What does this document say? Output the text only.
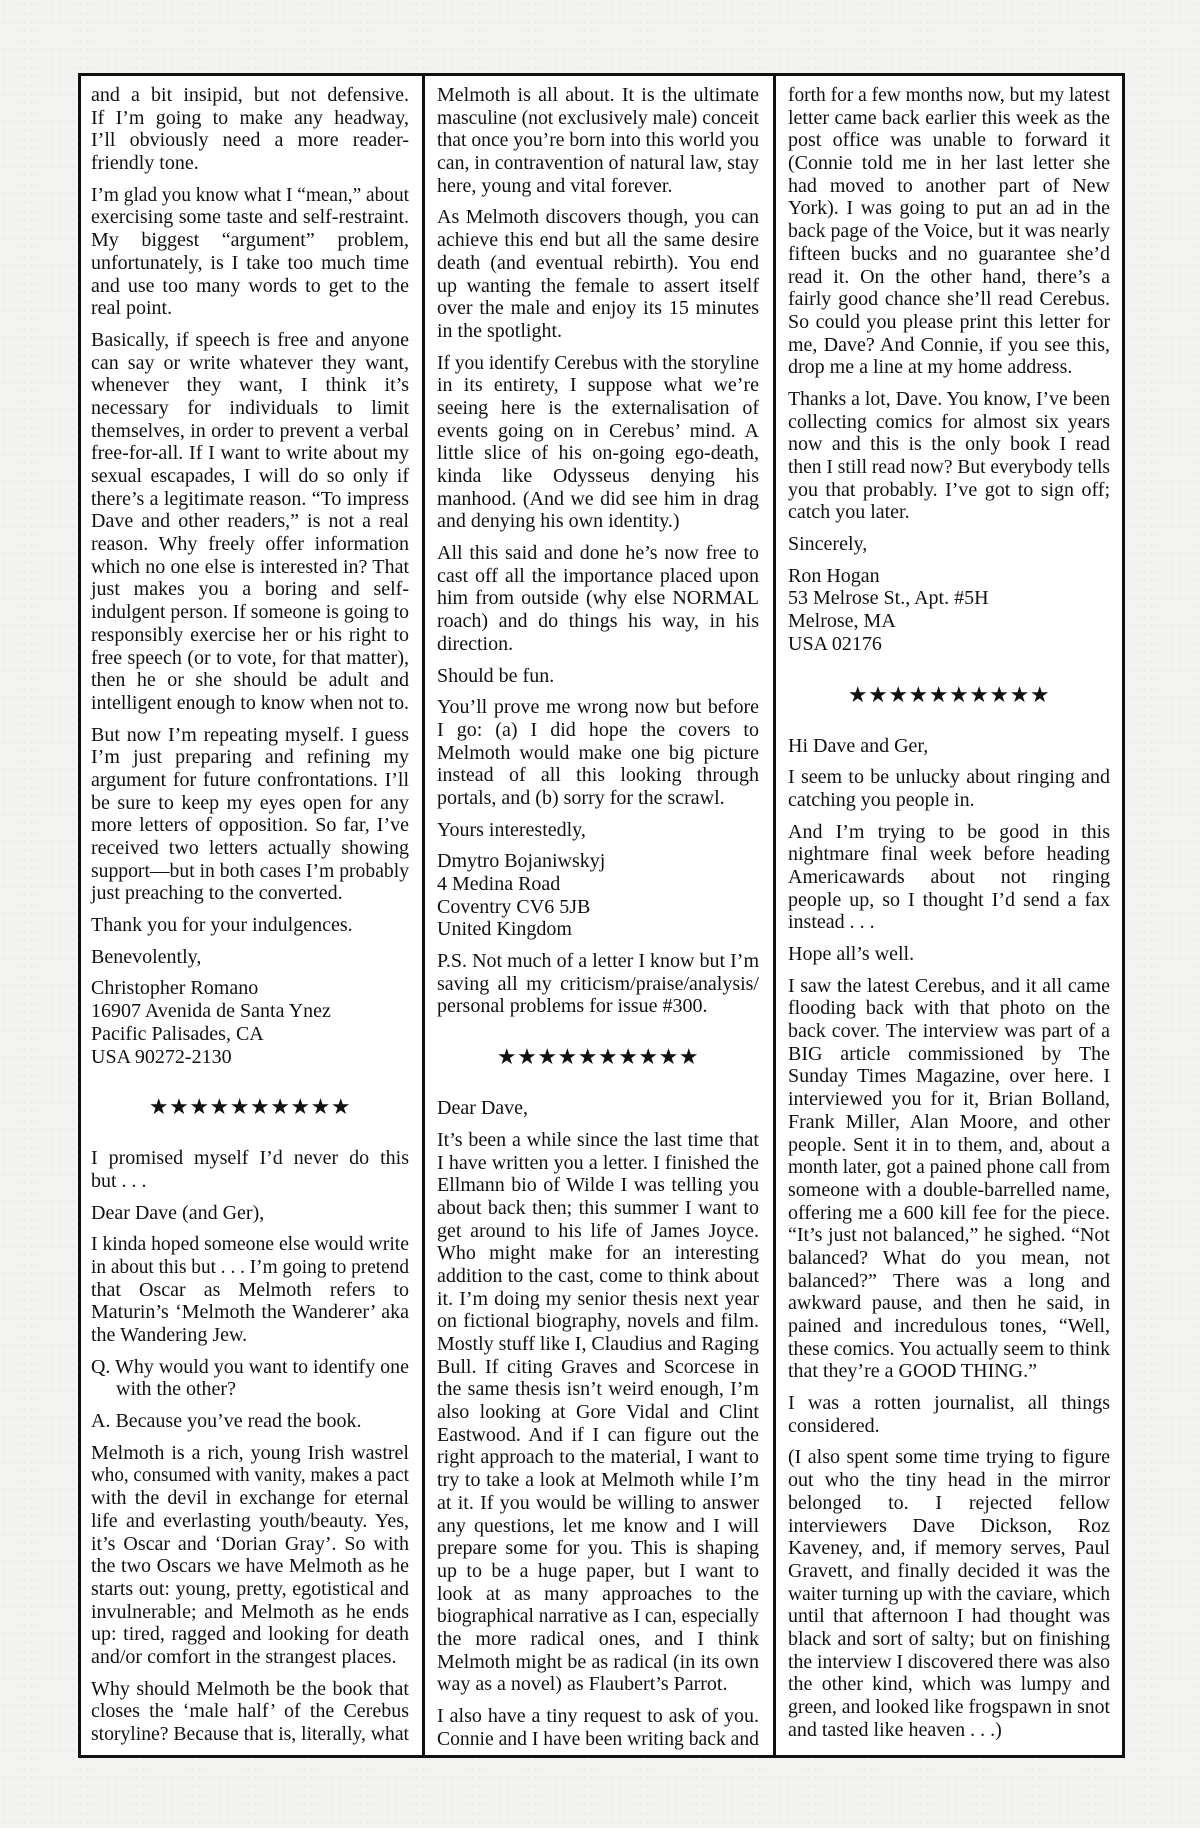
and a bit insipid, but not defensive.
If I’m going to make any headway,
I’ll obviously need a more reader-
friendly tone.
I’m glad you know what I “mean,” about
exercising some taste and self-restraint.
My biggest “argument” problem,
unfortunately, is I take too much time
and use too many words to get to the
real point.
Basically, if speech is free and anyone
can say or write whatever they want,
whenever they want, I think it’s
necessary for individuals to limit
themselves, in order to prevent a verbal
free-for-all. If I want to write about my
sexual escapades, I will do so only if
there’s a legitimate reason. “To impress
Dave and other readers,” is not a real
reason. Why freely offer information
which no one else is interested in? That
just makes you a boring and self-
indulgent person. If someone is going to
responsibly exercise her or his right to
free speech (or to vote, for that matter),
then he or she should be adult and
intelligent enough to know when not to.
But now I’m repeating myself. I guess
I’m just preparing and refining my
argument for future confrontations. I’ll
be sure to keep my eyes open for any
more letters of opposition. So far, I’ve
received two letters actually showing
support—but in both cases I’m probably
just preaching to the converted.
Thank you for your indulgences.
Benevolently,
Christopher Romano
16907 Avenida de Santa Ynez
Pacific Palisades, CA
USA 90272-2130
★★★★★★★★★★
I promised myself I’d never do this
but . . .
Dear Dave (and Ger),
I kinda hoped someone else would write
in about this but . . . I’m going to pretend
that Oscar as Melmoth refers to
Maturin’s ‘Melmoth the Wanderer’ aka
the Wandering Jew.
Q. Why would you want to identify one
with the other?
A. Because you’ve read the book.
Melmoth is a rich, young Irish wastrel
who, consumed with vanity, makes a pact
with the devil in exchange for eternal
life and everlasting youth/beauty. Yes,
it’s Oscar and ‘Dorian Gray’. So with
the two Oscars we have Melmoth as he
starts out: young, pretty, egotistical and
invulnerable; and Melmoth as he ends
up: tired, ragged and looking for death
and/or comfort in the strangest places.
Why should Melmoth be the book that
closes the ‘male half’ of the Cerebus
storyline? Because that is, literally, what
Melmoth is all about. It is the ultimate
masculine (not exclusively male) conceit
that once you’re born into this world you
can, in contravention of natural law, stay
here, young and vital forever.
As Melmoth discovers though, you can
achieve this end but all the same desire
death (and eventual rebirth). You end
up wanting the female to assert itself
over the male and enjoy its 15 minutes
in the spotlight.
If you identify Cerebus with the storyline
in its entirety, I suppose what we’re
seeing here is the externalisation of
events going on in Cerebus’ mind. A
little slice of his on-going ego-death,
kinda like Odysseus denying his
manhood. (And we did see him in drag
and denying his own identity.)
All this said and done he’s now free to
cast off all the importance placed upon
him from outside (why else NORMAL
roach) and do things his way, in his
direction.
Should be fun.
You’ll prove me wrong now but before
I go: (a) I did hope the covers to
Melmoth would make one big picture
instead of all this looking through
portals, and (b) sorry for the scrawl.
Yours interestedly,
Dmytro Bojaniwskyj
4 Medina Road
Coventry CV6 5JB
United Kingdom
P.S. Not much of a letter I know but I’m
saving all my criticism/praise/analysis/
personal problems for issue #300.
★★★★★★★★★★
Dear Dave,
It’s been a while since the last time that
I have written you a letter. I finished the
Ellmann bio of Wilde I was telling you
about back then; this summer I want to
get around to his life of James Joyce.
Who might make for an interesting
addition to the cast, come to think about
it. I’m doing my senior thesis next year
on fictional biography, novels and film.
Mostly stuff like I, Claudius and Raging
Bull. If citing Graves and Scorcese in
the same thesis isn’t weird enough, I’m
also looking at Gore Vidal and Clint
Eastwood. And if I can figure out the
right approach to the material, I want to
try to take a look at Melmoth while I’m
at it. If you would be willing to answer
any questions, let me know and I will
prepare some for you. This is shaping
up to be a huge paper, but I want to
look at as many approaches to the
biographical narrative as I can, especially
the more radical ones, and I think
Melmoth might be as radical (in its own
way as a novel) as Flaubert’s Parrot.
I also have a tiny request to ask of you.
Connie and I have been writing back and
forth for a few months now, but my latest
letter came back earlier this week as the
post office was unable to forward it
(Connie told me in her last letter she
had moved to another part of New
York). I was going to put an ad in the
back page of the Voice, but it was nearly
fifteen bucks and no guarantee she’d
read it. On the other hand, there’s a
fairly good chance she’ll read Cerebus.
So could you please print this letter for
me, Dave? And Connie, if you see this,
drop me a line at my home address.
Thanks a lot, Dave. You know, I’ve been
collecting comics for almost six years
now and this is the only book I read
then I still read now? But everybody tells
you that probably. I’ve got to sign off;
catch you later.
Sincerely,
Ron Hogan
53 Melrose St., Apt. #5H
Melrose, MA
USA 02176
★★★★★★★★★★
Hi Dave and Ger,
I seem to be unlucky about ringing and
catching you people in.
And I’m trying to be good in this
nightmare final week before heading
Americawards about not ringing
people up, so I thought I’d send a fax
instead . . .
Hope all’s well.
I saw the latest Cerebus, and it all came
flooding back with that photo on the
back cover. The interview was part of a
BIG article commissioned by The
Sunday Times Magazine, over here. I
interviewed you for it, Brian Bolland,
Frank Miller, Alan Moore, and other
people. Sent it in to them, and, about a
month later, got a pained phone call from
someone with a double-barrelled name,
offering me a 600 kill fee for the piece.
“It’s just not balanced,” he sighed. “Not
balanced? What do you mean, not
balanced?” There was a long and
awkward pause, and then he said, in
pained and incredulous tones, “Well,
these comics. You actually seem to think
that they’re a GOOD THING.”
I was a rotten journalist, all things
considered.
(I also spent some time trying to figure
out who the tiny head in the mirror
belonged to. I rejected fellow
interviewers Dave Dickson, Roz
Kaveney, and, if memory serves, Paul
Gravett, and finally decided it was the
waiter turning up with the caviare, which
until that afternoon I had thought was
black and sort of salty; but on finishing
the interview I discovered there was also
the other kind, which was lumpy and
green, and looked like frogspawn in snot
and tasted like heaven . . .)
